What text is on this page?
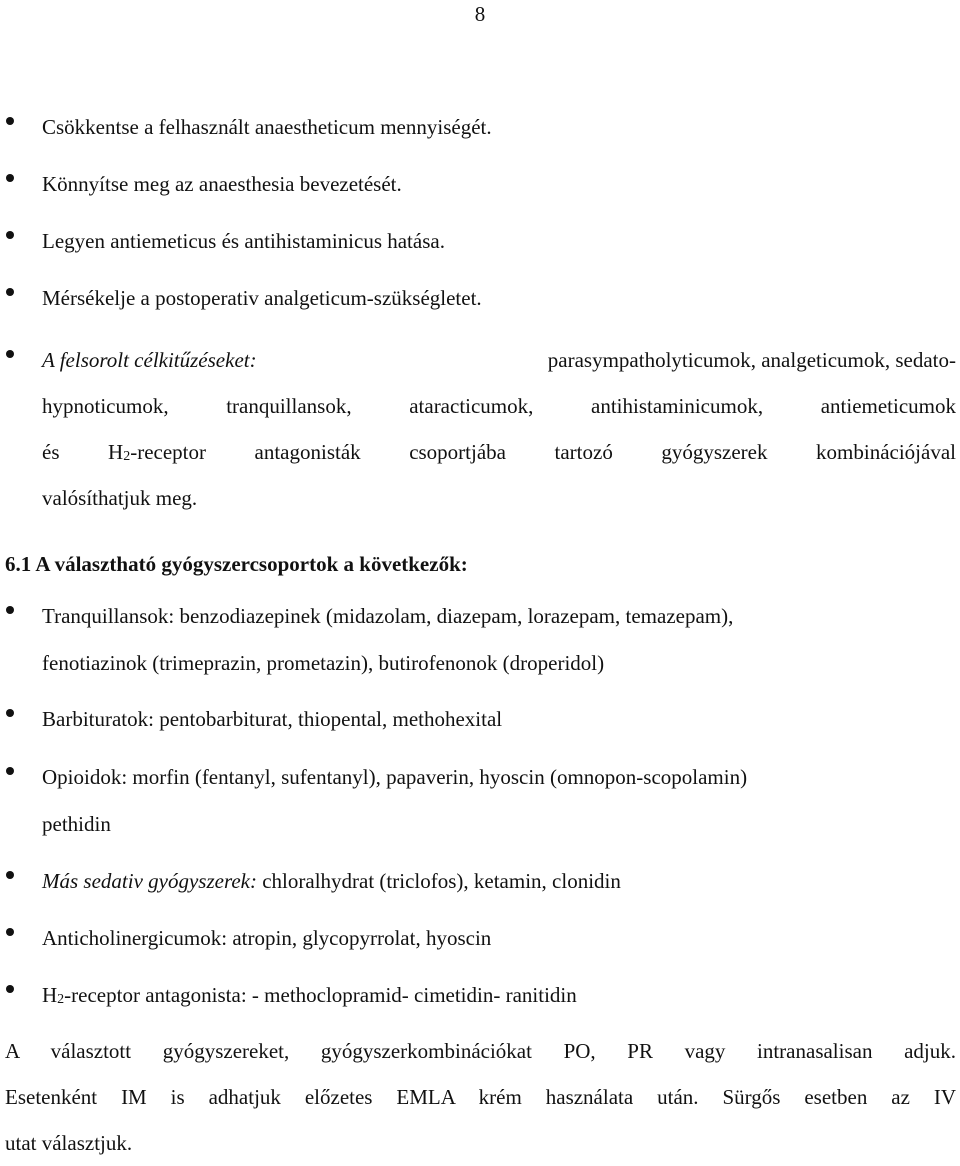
8
Csökkentse a felhasznált anaestheticum mennyiségét.
Könnyítse meg az anaesthesia bevezetését.
Legyen antiemeticus és antihistaminicus hatása.
Mérsékelje a postoperativ analgeticum-szükségletet.
A felsorolt célkitűzéseket:	parasympatholyticumok, analgeticumok, sedato-
hypnoticumok, tranquillansok, ataracticumok, antihistaminicumok, antiemeticumok
és $H_2$-receptor antagonisták csoportjába tartozó gyógyszerek kombinációjával
valósíthatjuk meg.
6.1 A választható gyógyszercsoportok a következők:
Tranquillansok: benzodiazepinek (midazolam, diazepam, lorazepam, temazepam),
fenotiazinok (trimeprazin, prometazin), butirofenonok (droperidol)
Barbituratok: pentobarbiturat, thiopental, methohexital
Opioidok: morfin (fentanyl, sufentanyl), papaverin, hyoscin (omnopon-scopolamin)
pethidin
Más sedativ gyógyszerek: chloralhydrat (triclofos), ketamin, clonidin
Anticholinergicumok: atropin, glycopyrrolat, hyoscin
$H_2$-receptor antagonista: - methoclopramid- cimetidin- ranitidin
A választott gyógyszereket, gyógyszerkombinációkat PO, PR vagy intranasalisan adjuk.
Esetenként IM is adhatjuk előzetes EMLA krém használata után. Sürgős esetben az IV
utat választjuk.
